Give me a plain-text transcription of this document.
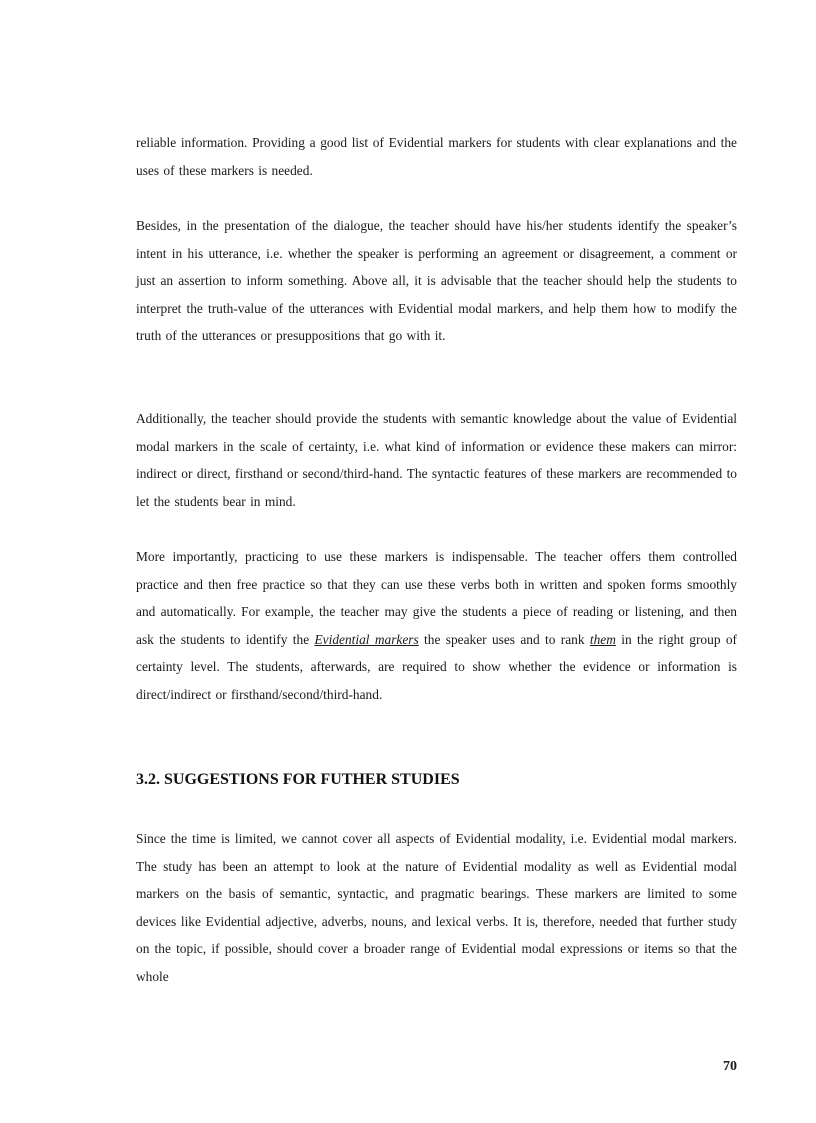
reliable information. Providing a good list of Evidential markers for students with clear explanations and the uses of these markers is needed.

Besides, in the presentation of the dialogue, the teacher should have his/her students identify the speaker’s intent in his utterance, i.e. whether the speaker is performing an agreement or disagreement, a comment or just an assertion to inform something. Above all, it is advisable that the teacher should help the students to interpret the truth-value of the utterances with Evidential modal markers, and help them how to modify the truth of the utterances or presuppositions that go with it.

Additionally, the teacher should provide the students with semantic knowledge about the value of Evidential modal markers in the scale of certainty, i.e. what kind of information or evidence these makers can mirror: indirect or direct, firsthand or second/third-hand. The syntactic features of these markers are recommended to let the students bear in mind.

More importantly, practicing to use these markers is indispensable. The teacher offers them controlled practice and then free practice so that they can use these verbs both in written and spoken forms smoothly and automatically. For example, the teacher may give the students a piece of reading or listening, and then ask the students to identify the Evidential markers the speaker uses and to rank them in the right group of certainty level. The students, afterwards, are required to show whether the evidence or information is direct/indirect or firsthand/second/third-hand.

3.2. SUGGESTIONS FOR FUTHER STUDIES

Since the time is limited, we cannot cover all aspects of Evidential modality, i.e. Evidential modal markers. The study has been an attempt to look at the nature of Evidential modality as well as Evidential modal markers on the basis of semantic, syntactic, and pragmatic bearings. These markers are limited to some devices like Evidential adjective, adverbs, nouns, and lexical verbs. It is, therefore, needed that further study on the topic, if possible, should cover a broader range of Evidential modal expressions or items so that the whole

70
